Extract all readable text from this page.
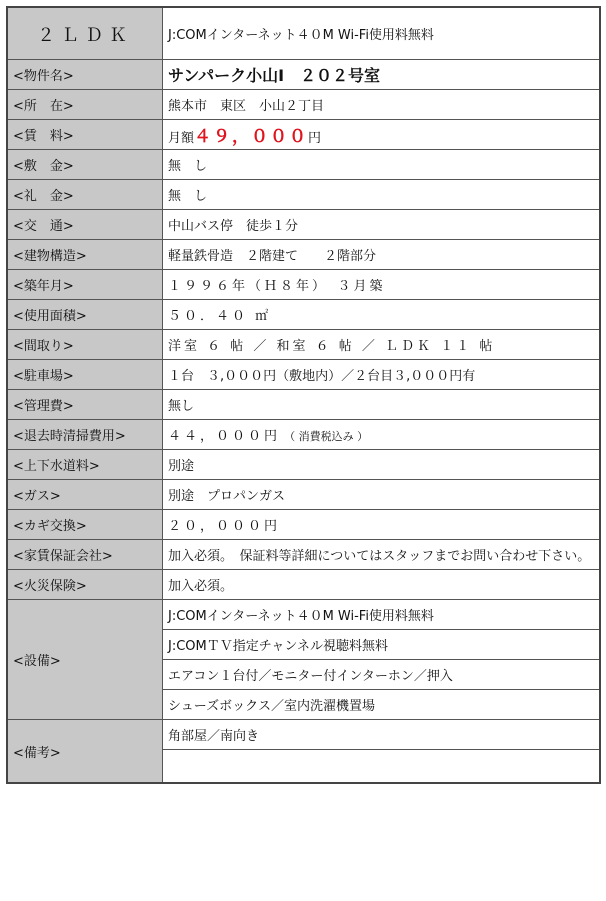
２ＬＤＫ	J:COMインターネット４０M Wi-Fi使用料無料
<物件名>	サンパーク小山Ⅰ　２０２号室
<所　在>	熊本市　東区　小山２丁目
<賃　料>	月額４９，０００円
<敷　金>	無　し
<礼　金>	無　し
<交　通>	中山バス停　徒歩１分
<建物構造>	軽量鉄骨造　２階建て　　２階部分
<築年月>	１９９６年（Ｈ８年）　３月築
<使用面積>	５０．４０ ㎡
<間取り>	洋室 ６ 帖 ／ 和室 ６ 帖 ／ ＬＤＫ １１ 帖
<駐車場>	１台　３,０００円（敷地内）／２台目３,０００円有
<管理費>	無し
<退去時清掃費用>	４４，０００円 （ 消費税込み ）
<上下水道料>	別途
<ガス>	別途　プロパンガス
<カギ交換>	２０，０００円
<家賃保証会社>	加入必須。　保証料等詳細についてはスタッフまでお問い合わせ下さい。
<火災保険>	加入必須。
<設備>	J:COMインターネット４０M Wi-Fi使用料無料
	J:COMＴＶ指定チャンネル視聴料無料
	エアコン１台付／モニター付インターホン／押入
	シューズボックス／室内洗濯機置場
<備考>	角部屋／南向き
